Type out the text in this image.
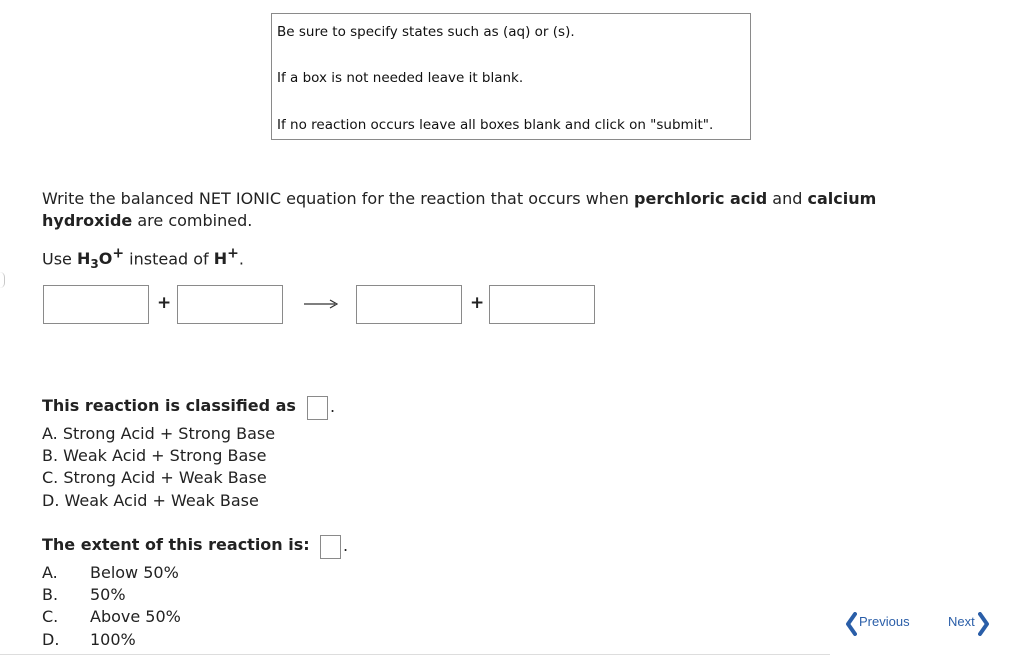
Be sure to specify states such as (aq) or (s).

If a box is not needed leave it blank.

If no reaction occurs leave all boxes blank and click on "submit".

Write the balanced NET IONIC equation for the reaction that occurs when perchloric acid and calcium hydroxide are combined.
Use $H_3O^+$ instead of H+.
+	+
This reaction is classified as .
A. Strong Acid + Strong Base
B. Weak Acid + Strong Base
C. Strong Acid + Weak Base
D. Weak Acid + Weak Base
The extent of this reaction is: .
A. Below 50%
B. 50%
C. Above 50%
D. 100%
Previous	Next
